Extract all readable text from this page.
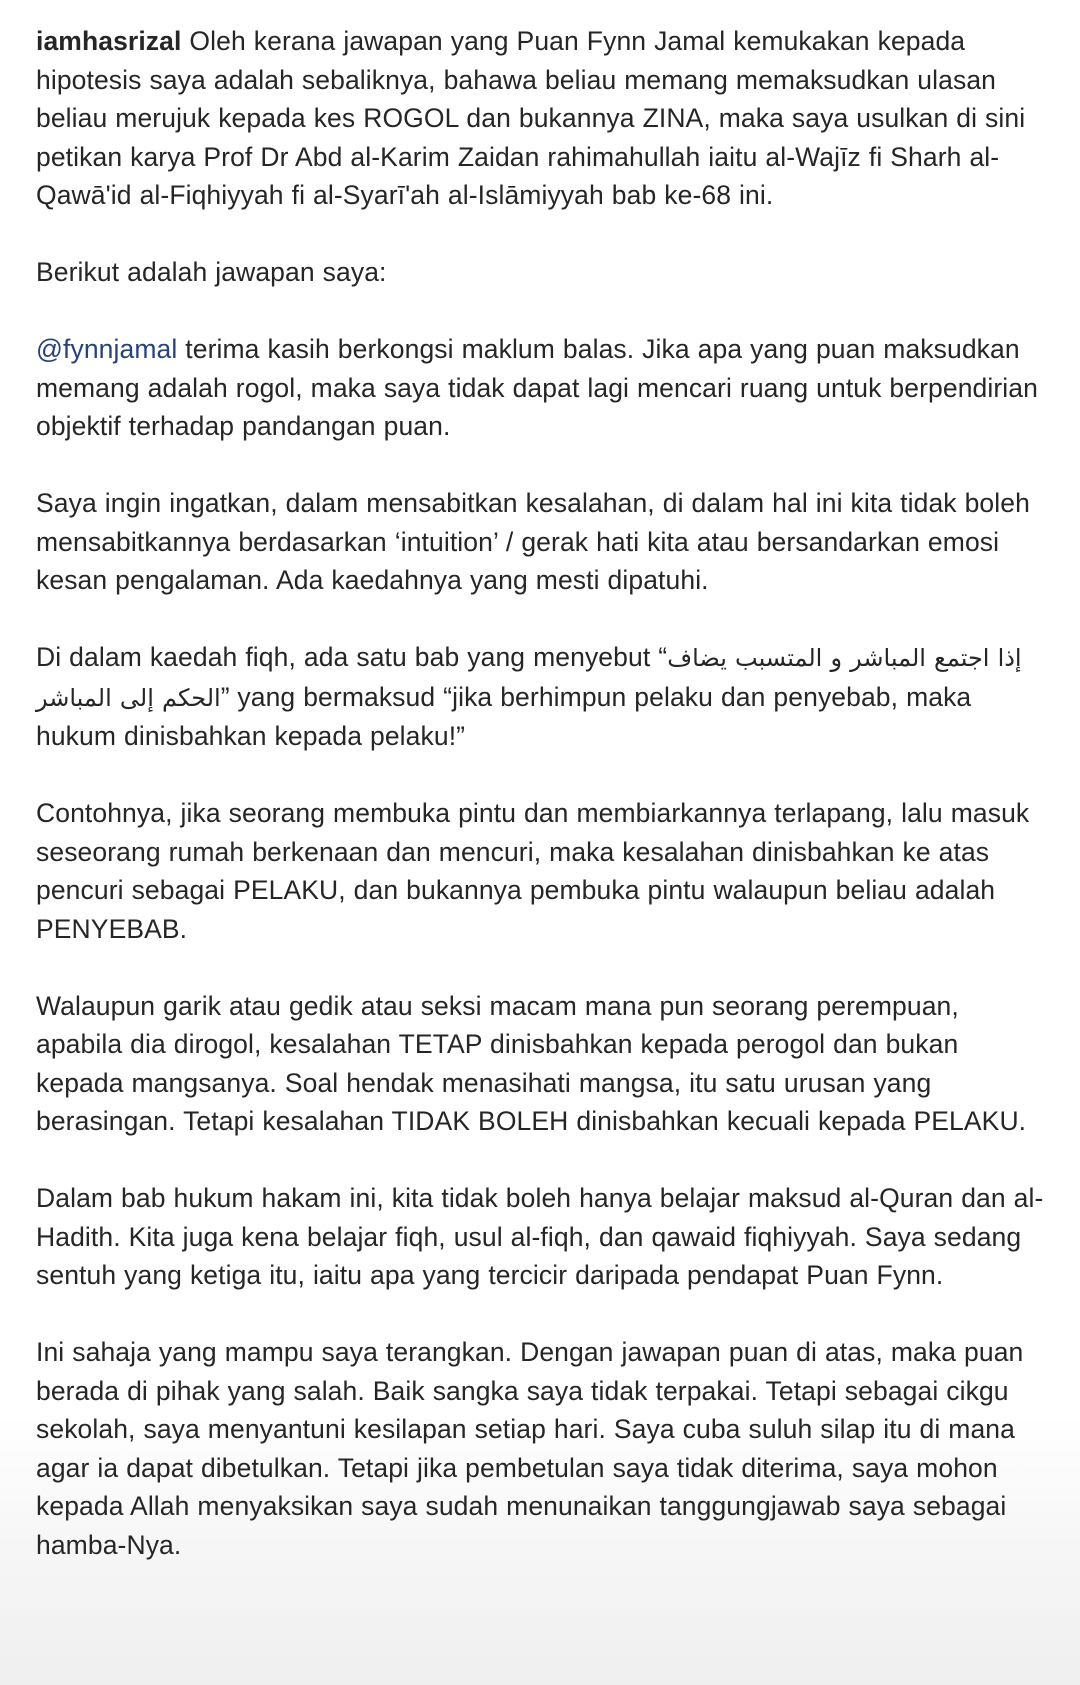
iamhasrizal Oleh kerana jawapan yang Puan Fynn Jamal kemukakan kepada hipotesis saya adalah sebaliknya, bahawa beliau memang memaksudkan ulasan beliau merujuk kepada kes ROGOL dan bukannya ZINA, maka saya usulkan di sini petikan karya Prof Dr Abd al-Karim Zaidan rahimahullah iaitu al-Wajīz fi Sharh al-Qawā'id al-Fiqhiyyah fi al-Syarī'ah al-Islāmiyyah bab ke-68 ini.

Berikut adalah jawapan saya:

@fynnjamal terima kasih berkongsi maklum balas. Jika apa yang puan maksudkan memang adalah rogol, maka saya tidak dapat lagi mencari ruang untuk berpendirian objektif terhadap pandangan puan.

Saya ingin ingatkan, dalam mensabitkan kesalahan, di dalam hal ini kita tidak boleh mensabitkannya berdasarkan ‘intuition’ / gerak hati kita atau bersandarkan emosi kesan pengalaman. Ada kaedahnya yang mesti dipatuhi.

Di dalam kaedah fiqh, ada satu bab yang menyebut “إذا اجتمع المباشر و المتسبب يضاف الحكم إلى المباشر” yang bermaksud “jika berhimpun pelaku dan penyebab, maka hukum dinisbahkan kepada pelaku!”

Contohnya, jika seorang membuka pintu dan membiarkannya terlapang, lalu masuk seseorang rumah berkenaan dan mencuri, maka kesalahan dinisbahkan ke atas pencuri sebagai PELAKU, dan bukannya pembuka pintu walaupun beliau adalah PENYEBAB.

Walaupun garik atau gedik atau seksi macam mana pun seorang perempuan, apabila dia dirogol, kesalahan TETAP dinisbahkan kepada perogol dan bukan kepada mangsanya. Soal hendak menasihati mangsa, itu satu urusan yang berasingan. Tetapi kesalahan TIDAK BOLEH dinisbahkan kecuali kepada PELAKU.

Dalam bab hukum hakam ini, kita tidak boleh hanya belajar maksud al-Quran dan al-Hadith. Kita juga kena belajar fiqh, usul al-fiqh, dan qawaid fiqhiyyah. Saya sedang sentuh yang ketiga itu, iaitu apa yang tercicir daripada pendapat Puan Fynn.

Ini sahaja yang mampu saya terangkan. Dengan jawapan puan di atas, maka puan berada di pihak yang salah. Baik sangka saya tidak terpakai. Tetapi sebagai cikgu sekolah, saya menyantuni kesilapan setiap hari. Saya cuba suluh silap itu di mana agar ia dapat dibetulkan. Tetapi jika pembetulan saya tidak diterima, saya mohon kepada Allah menyaksikan saya sudah menunaikan tanggungjawab saya sebagai hamba-Nya.
